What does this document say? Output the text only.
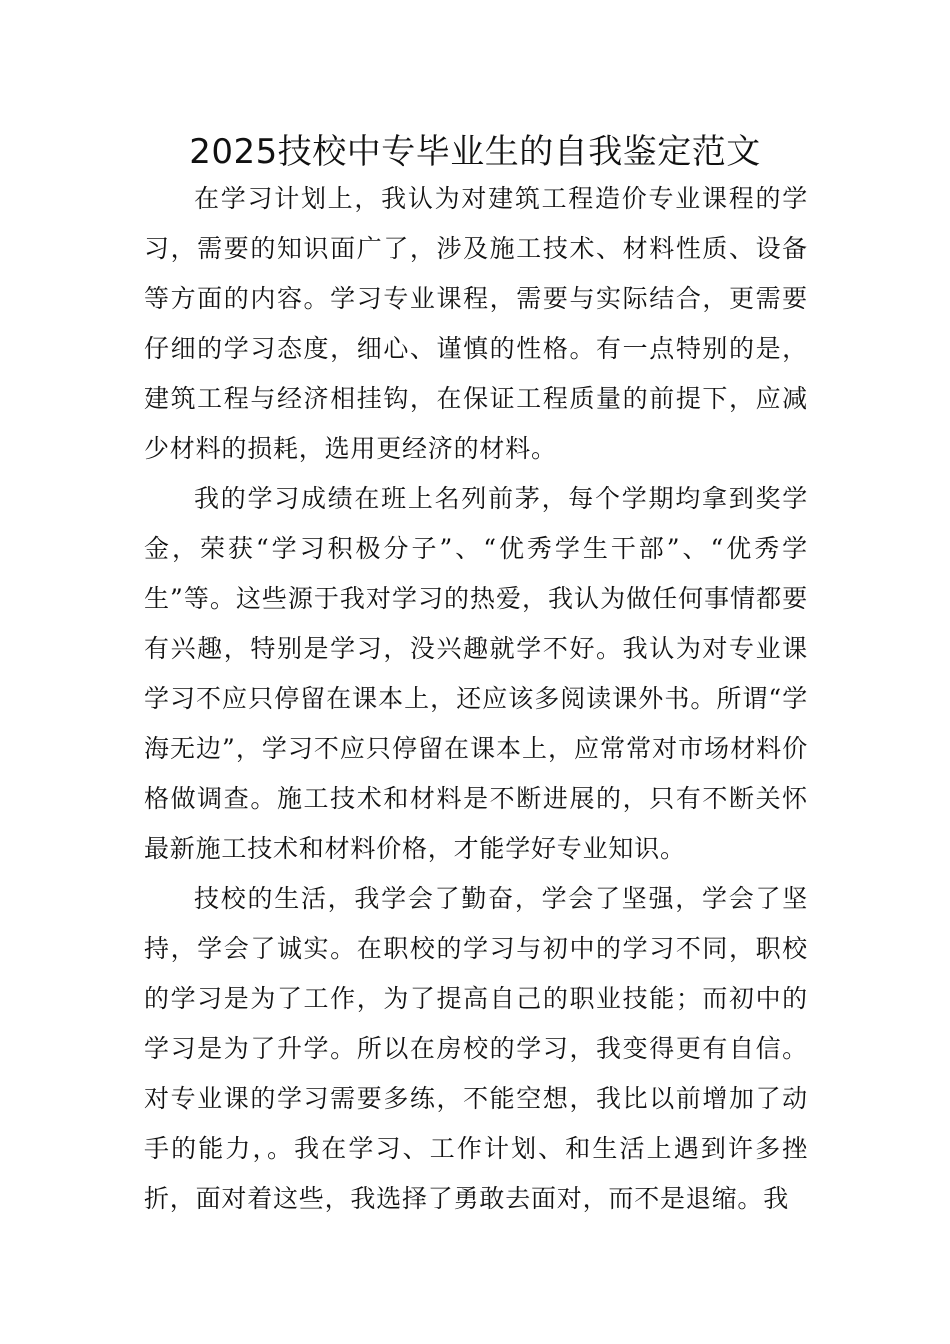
2025技校中专毕业生的自我鉴定范文

在学习计划上，我认为对建筑工程造价专业课程的学习，需要的知识面广了，涉及施工技术、材料性质、设备等方面的内容。学习专业课程，需要与实际结合，更需要仔细的学习态度，细心、谨慎的性格。有一点特别的是，建筑工程与经济相挂钩，在保证工程质量的前提下，应减少材料的损耗，选用更经济的材料。

我的学习成绩在班上名列前茅，每个学期均拿到奖学金，荣获“学习积极分子”、“优秀学生干部”、“优秀学生”等。这些源于我对学习的热爱，我认为做任何事情都要有兴趣，特别是学习，没兴趣就学不好。我认为对专业课学习不应只停留在课本上，还应该多阅读课外书。所谓“学海无边”，学习不应只停留在课本上，应常常对市场材料价格做调查。施工技术和材料是不断进展的，只有不断关怀最新施工技术和材料价格，才能学好专业知识。

技校的生活，我学会了勤奋，学会了坚强，学会了坚持，学会了诚实。在职校的学习与初中的学习不同，职校的学习是为了工作，为了提高自己的职业技能；而初中的学习是为了升学。所以在房校的学习，我变得更有自信。对专业课的学习需要多练，不能空想，我比以前增加了动手的能力，。我在学习、工作计划、和生活上遇到许多挫折，面对着这些，我选择了勇敢去面对，而不是退缩。我
